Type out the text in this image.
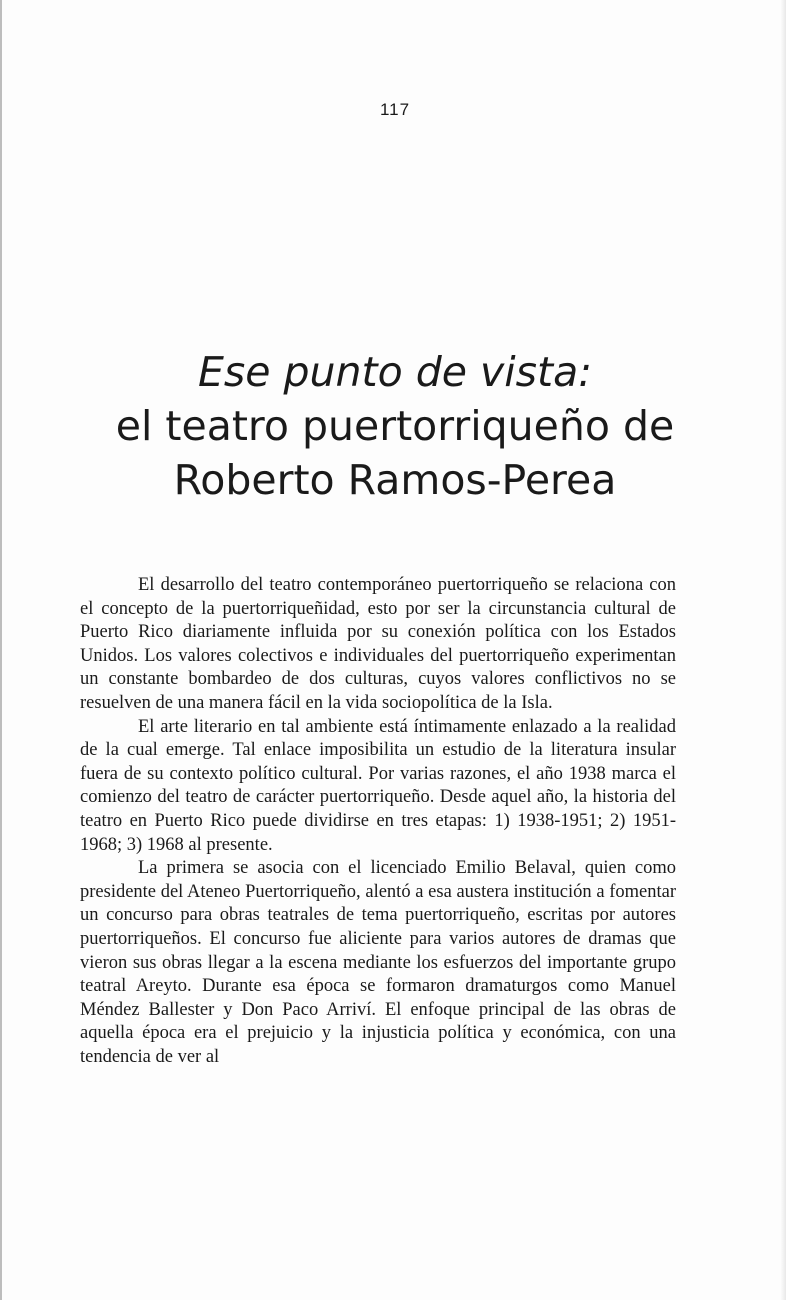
117
Ese punto de vista:
el teatro puertorriqueño de
Roberto Ramos-Perea

El desarrollo del teatro contemporáneo puertorriqueño se relaciona con el concepto de la puertorriqueñidad, esto por ser la circunstancia cultural de Puerto Rico diariamente influida por su conexión política con los Estados Unidos. Los valores colectivos e individuales del puertorriqueño experimentan un constante bombardeo de dos culturas, cuyos valores conflictivos no se resuelven de una manera fácil en la vida sociopolítica de la Isla.

El arte literario en tal ambiente está íntimamente enlazado a la realidad de la cual emerge. Tal enlace imposibilita un estudio de la literatura insular fuera de su contexto político cultural. Por varias razones, el año 1938 marca el comienzo del teatro de carácter puertorriqueño. Desde aquel año, la historia del teatro en Puerto Rico puede dividirse en tres etapas: 1) 1938-1951; 2) 1951-1968; 3) 1968 al presente.

La primera se asocia con el licenciado Emilio Belaval, quien como presidente del Ateneo Puertorriqueño, alentó a esa austera institución a fomentar un concurso para obras teatrales de tema puertorriqueño, escritas por autores puertorriqueños. El concurso fue aliciente para varios autores de dramas que vieron sus obras llegar a la escena mediante los esfuerzos del importante grupo teatral Areyto. Durante esa época se formaron dramaturgos como Manuel Méndez Ballester y Don Paco Arriví. El enfoque principal de las obras de aquella época era el prejuicio y la injusticia política y económica, con una tendencia de ver al
